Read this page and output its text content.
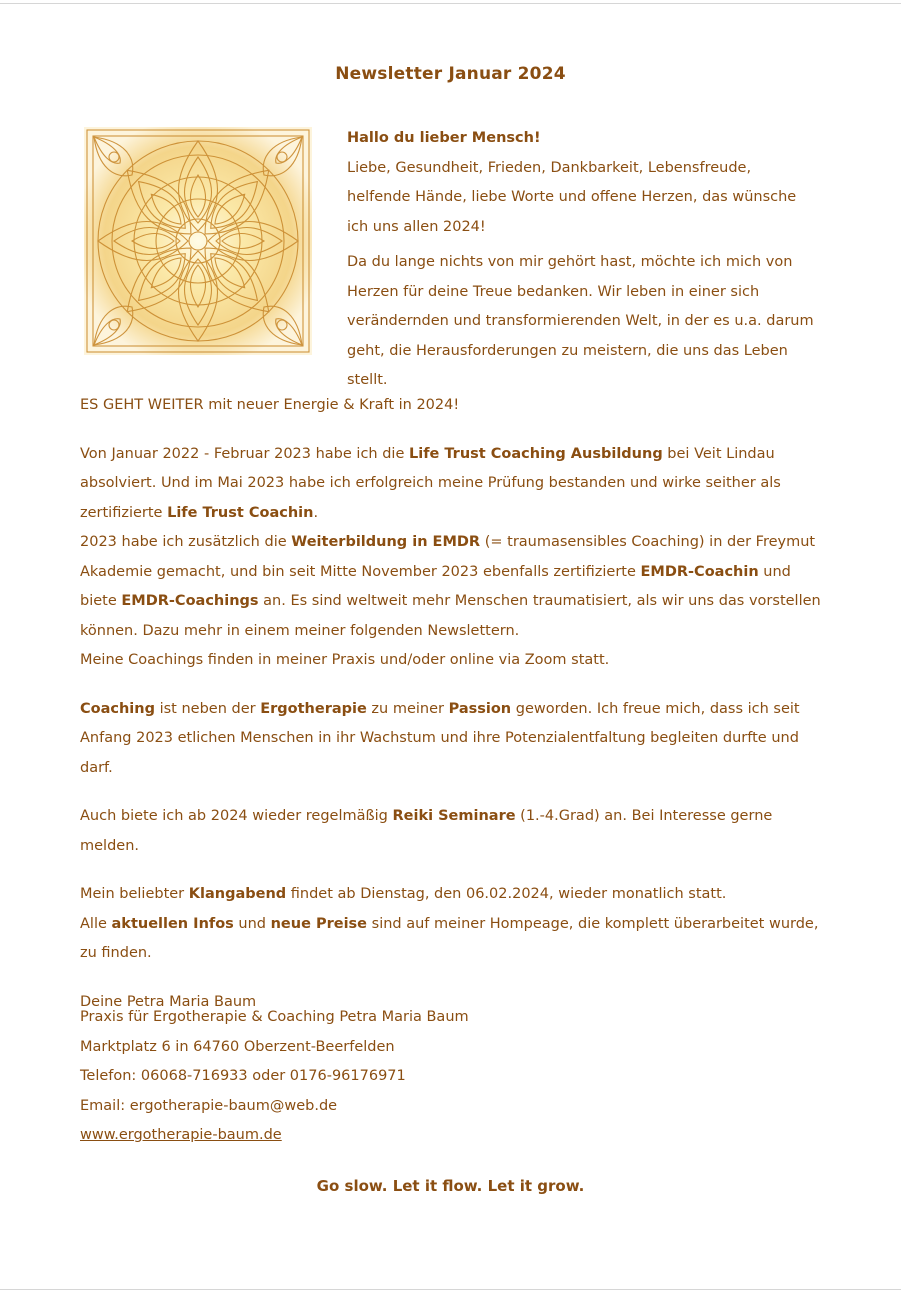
Newsletter Januar 2024

Hallo du lieber Mensch!

Liebe, Gesundheit, Frieden, Dankbarkeit, Lebensfreude, helfende Hände, liebe Worte und offene Herzen, das wünsche ich uns allen 2024!

Da du lange nichts von mir gehört hast, möchte ich mich von Herzen für deine Treue bedanken. Wir leben in einer sich verändernden und transformierenden Welt, in der es u.a. darum geht, die Herausforderungen zu meistern, die uns das Leben stellt.

ES GEHT WEITER mit neuer Energie & Kraft in 2024!

Von Januar 2022 - Februar 2023 habe ich die Life Trust Coaching Ausbildung bei Veit Lindau absolviert. Und im Mai 2023 habe ich erfolgreich meine Prüfung bestanden und wirke seither als zertifizierte Life Trust Coachin.
2023 habe ich zusätzlich die Weiterbildung in EMDR (= traumasensibles Coaching) in der Freymut Akademie gemacht, und bin seit Mitte November 2023 ebenfalls zertifizierte EMDR-Coachin und biete EMDR-Coachings an. Es sind weltweit mehr Menschen traumatisiert, als wir uns das vorstellen können. Dazu mehr in einem meiner folgenden Newslettern.
Meine Coachings finden in meiner Praxis und/oder online via Zoom statt.

Coaching ist neben der Ergotherapie zu meiner Passion geworden. Ich freue mich, dass ich seit Anfang 2023 etlichen Menschen in ihr Wachstum und ihre Potenzialentfaltung begleiten durfte und darf.

Auch biete ich ab 2024 wieder regelmäßig Reiki Seminare (1.-4.Grad) an. Bei Interesse gerne melden.

Mein beliebter Klangabend findet ab Dienstag, den 06.02.2024, wieder monatlich statt.
Alle aktuellen Infos und neue Preise sind auf meiner Hompeage, die komplett überarbeitet wurde, zu finden.

Deine Petra Maria Baum

Praxis für Ergotherapie & Coaching Petra Maria Baum
Marktplatz 6 in 64760 Oberzent-Beerfelden
Telefon: 06068-716933 oder 0176-96176971
Email: ergotherapie-baum@web.de
www.ergotherapie-baum.de
Go slow. Let it flow. Let it grow.
